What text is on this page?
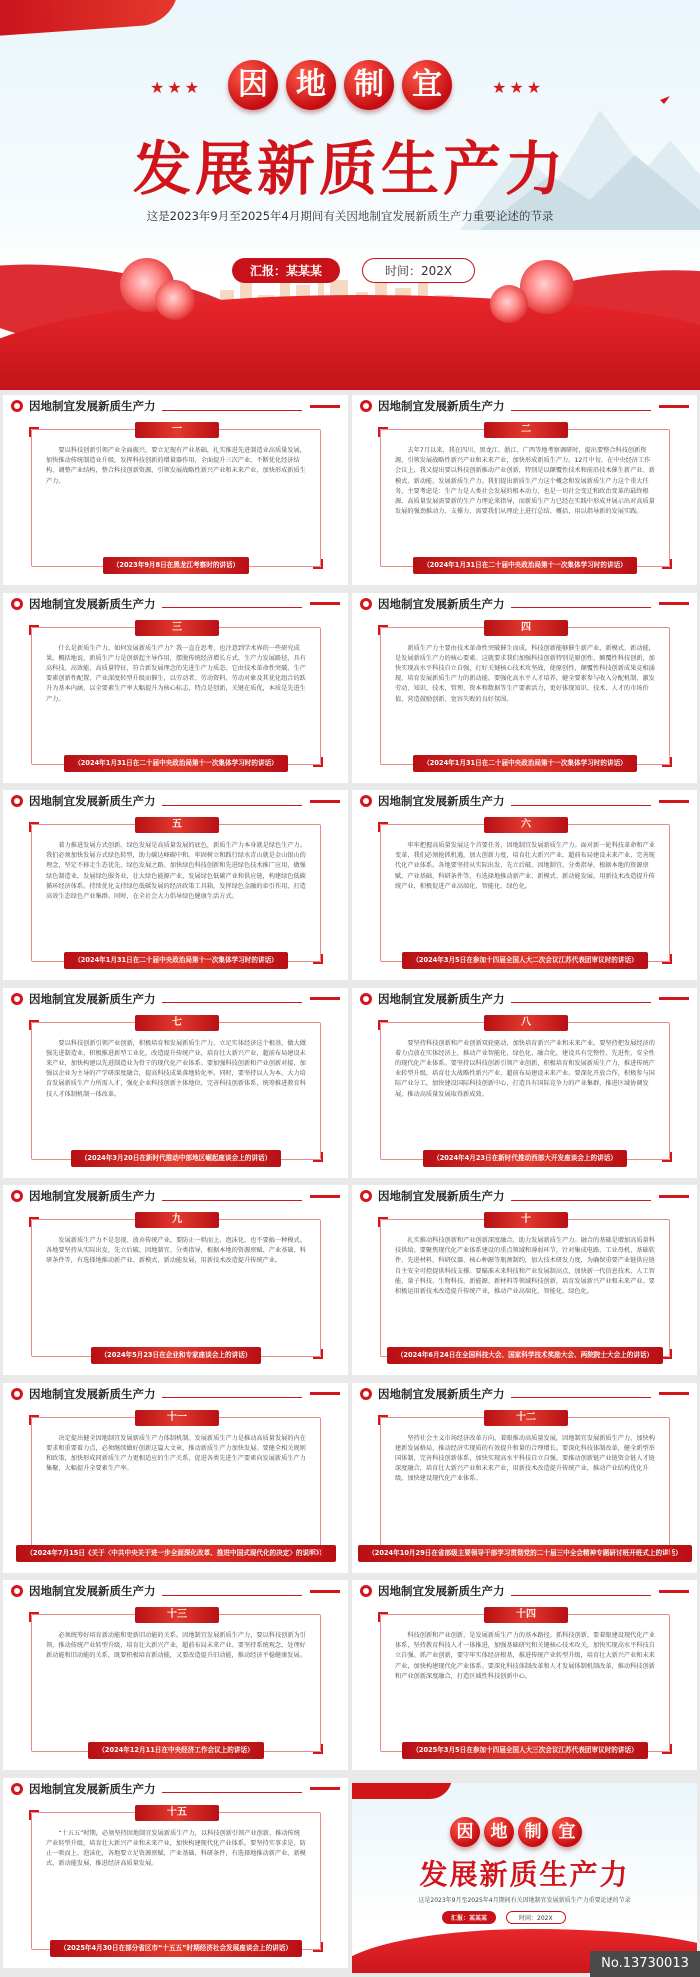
★★★	★★★
因 地 制 宜
发展新质生产力
这是2023年9月至2025年4月期间有关因地制宜发展新质生产力重要论述的节录
汇报：某某某	时间：202X
因地制宜发展新质生产力
一
要以科技创新引领产业全面振兴，要立足现有产业基础，扎实推进先进制造业高质量发展，加快推动传统制造业升级，发挥科技创新的增量器作用，全面提升三次产业，不断优化经济结构、调整产业结构，整合科技创新资源，引领发展战略性新兴产业和未来产业，加快形成新质生产力。
（2023年9月8日在黑龙江考察时的讲话）
因地制宜发展新质生产力
二
去年7月以来，我在四川、黑龙江、浙江、广西等地考察调研时，提出要整合科技创新资源，引领发展战略性新兴产业和未来产业，加快形成新质生产力。12月中旬，在中央经济工作会议上，我又提出要以科技创新推动产业创新，特别是以颠覆性技术和前沿技术催生新产业、新模式、新动能，发展新质生产力。我们提出新质生产力这个概念和发展新质生产力这个重大任务，主要考虑是：生产力是人类社会发展的根本动力，也是一切社会变迁和政治变革的最终根源。高质量发展需要新的生产力理论来指导，而新质生产力已经在实践中形成并展示出对高质量发展的强劲推动力、支撑力，需要我们从理论上进行总结、概括，用以指导新的发展实践。
（2024年1月31日在二十届中央政治局第十一次集体学习时的讲话）
因地制宜发展新质生产力
三
什么是新质生产力、如何发展新质生产力？我一直在思考，也注意到学术界的一些研究成果。概括地说，新质生产力是创新起主导作用，摆脱传统经济增长方式、生产力发展路径，具有高科技、高效能、高质量特征，符合新发展理念的先进生产力质态。它由技术革命性突破、生产要素创新性配置、产业深度转型升级而催生，以劳动者、劳动资料、劳动对象及其优化组合的跃升为基本内涵，以全要素生产率大幅提升为核心标志，特点是创新，关键在质优，本质是先进生产力。
（2024年1月31日在二十届中央政治局第十一次集体学习时的讲话）
因地制宜发展新质生产力
四
新质生产力主要由技术革命性突破催生而成。科技创新能够催生新产业、新模式、新动能，是发展新质生产力的核心要素。这就要求我们加强科技创新特别是原创性、颠覆性科技创新，加快实现高水平科技自立自强，打好关键核心技术攻坚战，使原创性、颠覆性科技创新成果竞相涌现，培育发展新质生产力的新动能。要强化高水平人才培养，健全要素参与收入分配机制，激发劳动、知识、技术、管理、资本和数据等生产要素活力，更好体现知识、技术、人才的市场价值，营造鼓励创新、宽容失败的良好氛围。
（2024年1月31日在二十届中央政治局第十一次集体学习时的讲话）
因地制宜发展新质生产力
五
着力推进发展方式创新。绿色发展是高质量发展的底色，新质生产力本身就是绿色生产力。我们必须加快发展方式绿色转型，助力碳达峰碳中和。牢固树立和践行绿水青山就是金山银山的理念，坚定不移走生态优先、绿色发展之路。加快绿色科技创新和先进绿色技术推广应用，做强绿色制造业，发展绿色服务业，壮大绿色能源产业，发展绿色低碳产业和供应链，构建绿色低碳循环经济体系。持续优化支持绿色低碳发展的经济政策工具箱，发挥绿色金融的牵引作用，打造高效生态绿色产业集群。同时，在全社会大力倡导绿色健康生活方式。
（2024年1月31日在二十届中央政治局第十一次集体学习时的讲话）
因地制宜发展新质生产力
六
牢牢把握高质量发展这个首要任务，因地制宜发展新质生产力。面对新一轮科技革命和产业变革，我们必须抢抓机遇，加大创新力度，培育壮大新兴产业，超前布局建设未来产业，完善现代化产业体系。各地要坚持从实际出发，先立后破、因地制宜、分类指导，根据本地的资源禀赋、产业基础、科研条件等，有选择地推动新产业、新模式、新动能发展，用新技术改造提升传统产业，积极促进产业高端化、智能化、绿色化。
（2024年3月5日在参加十四届全国人大二次会议江苏代表团审议时的讲话）
因地制宜发展新质生产力
七
要以科技创新引领产业创新，积极培育和发展新质生产力。立足实体经济这个根基，做大做强先进制造业，积极推进新型工业化，改造提升传统产业，培育壮大新兴产业，超前布局建设未来产业，加快构建以先进制造业为骨干的现代化产业体系。要加强科技创新和产业创新对接，加强以企业为主导的产学研深度融合，提高科技成果落地转化率。同时，要坚持以人为本，大力培育发展新质生产力所需人才，强化企业科技创新主体地位，完善科技创新体系，统筹推进教育科技人才体制机制一体改革。
（2024年3月20日在新时代推动中部地区崛起座谈会上的讲话）
因地制宜发展新质生产力
八
要坚持科技创新和产业创新双轮驱动，加快培育新兴产业和未来产业。要坚持把发展经济的着力点放在实体经济上，推动产业智能化、绿色化、融合化，建设具有完整性、先进性、安全性的现代化产业体系。要坚持以科技创新引领产业创新，积极培育和发展新质生产力，推进传统产业转型升级，培育壮大战略性新兴产业，超前布局建设未来产业。要深化开放合作，积极参与国际产业分工，加快建设国际科技创新中心，打造具有国际竞争力的产业集群，推进区域协调发展，推动高质量发展取得新成效。
（2024年4月23日在新时代推动西部大开发座谈会上的讲话）
因地制宜发展新质生产力
九
发展新质生产力不是忽视、放弃传统产业，要防止一哄而上、泡沫化，也不要搞一种模式。各地要坚持从实际出发，先立后破、因地制宜、分类指导，根据本地的资源禀赋、产业基础、科研条件等，有选择地推动新产业、新模式、新动能发展，用新技术改造提升传统产业。
（2024年5月23日在企业和专家座谈会上的讲话）
因地制宜发展新质生产力
十
扎实推动科技创新和产业创新深度融合，助力发展新质生产力。融合的基础是增加高质量科技供给。要聚焦现代化产业体系建设的重点领域和薄弱环节，针对集成电路、工业母机、基础软件、先进材料、科研仪器、核心种源等瓶颈制约，加大技术研发力度，为确保重要产业链供应链自主安全可控提供科技支撑。要瞄准未来科技和产业发展制高点，加快新一代信息技术、人工智能、量子科技、生物科技、新能源、新材料等领域科技创新，培育发展新兴产业和未来产业。要积极运用新技术改造提升传统产业，推动产业高端化、智能化、绿色化。
（2024年6月24日在全国科技大会、国家科学技术奖励大会、两院院士大会上的讲话）
因地制宜发展新质生产力
十一
决定提出健全因地制宜发展新质生产力体制机制。发展新质生产力是推动高质量发展的内在要求和重要着力点，必须继续做好创新这篇大文章，推动新质生产力加快发展。要健全相关规则和政策，加快形成同新质生产力更相适应的生产关系，促进各类先进生产要素向发展新质生产力集聚，大幅提升全要素生产率。
（2024年7月15日《关于〈中共中央关于进一步全面深化改革、推进中国式现代化的决定〉的说明》）
因地制宜发展新质生产力
十二
坚持社会主义市场经济改革方向，着眼推动高质量发展，因地制宜发展新质生产力，加快构建新发展格局，推动经济实现质的有效提升和量的合理增长。要深化科技体制改革，健全新型举国体制，完善科技创新体系，加快实现高水平科技自立自强。要推动创新链产业链资金链人才链深度融合，培育壮大新兴产业和未来产业，用新技术改造提升传统产业，推动产业结构优化升级，加快建设现代化产业体系。
（2024年10月29日在省部级主要领导干部学习贯彻党的二十届三中全会精神专题研讨班开班式上的讲话）
因地制宜发展新质生产力
十三
必须统筹好培育新动能和更新旧动能的关系。因地制宜发展新质生产力，要以科技创新为引领，推动传统产业转型升级，培育壮大新兴产业，超前布局未来产业。要坚持系统观念，处理好新动能和旧动能的关系，既要积极培育新动能，又要改造提升旧动能，推动经济平稳健康发展。
（2024年12月11日在中央经济工作会议上的讲话）
因地制宜发展新质生产力
十四
科技创新和产业创新，是发展新质生产力的基本路径。抓科技创新，要着眼建设现代化产业体系，坚持教育科技人才一体推进，加强基础研究和关键核心技术攻关，加快实现高水平科技自立自强。抓产业创新，要守牢实体经济根基，推进传统产业转型升级，培育壮大新兴产业和未来产业，加快构建现代化产业体系。要深化科技体制改革和人才发展体制机制改革，推动科技创新和产业创新深度融合，打造区域性科技创新中心。
（2025年3月5日在参加十四届全国人大三次会议江苏代表团审议时的讲话）
因地制宜发展新质生产力
十五
“十五五”时期，必须坚持因地制宜发展新质生产力，以科技创新引领产业创新，推动传统产业转型升级，培育壮大新兴产业和未来产业，加快构建现代化产业体系。要坚持实事求是，防止一哄而上、泡沫化，各地要立足资源禀赋、产业基础、科研条件，有选择地推动新产业、新模式、新动能发展，推进经济高质量发展。
（2025年4月30日在部分省区市“十五五”时期经济社会发展座谈会上的讲话）
因	地	制	宜
发展新质生产力
这是2023年9月至2025年4月期间有关因地制宜发展新质生产力重要论述的节录
汇报：某某某	时间：202X
No.13730013
